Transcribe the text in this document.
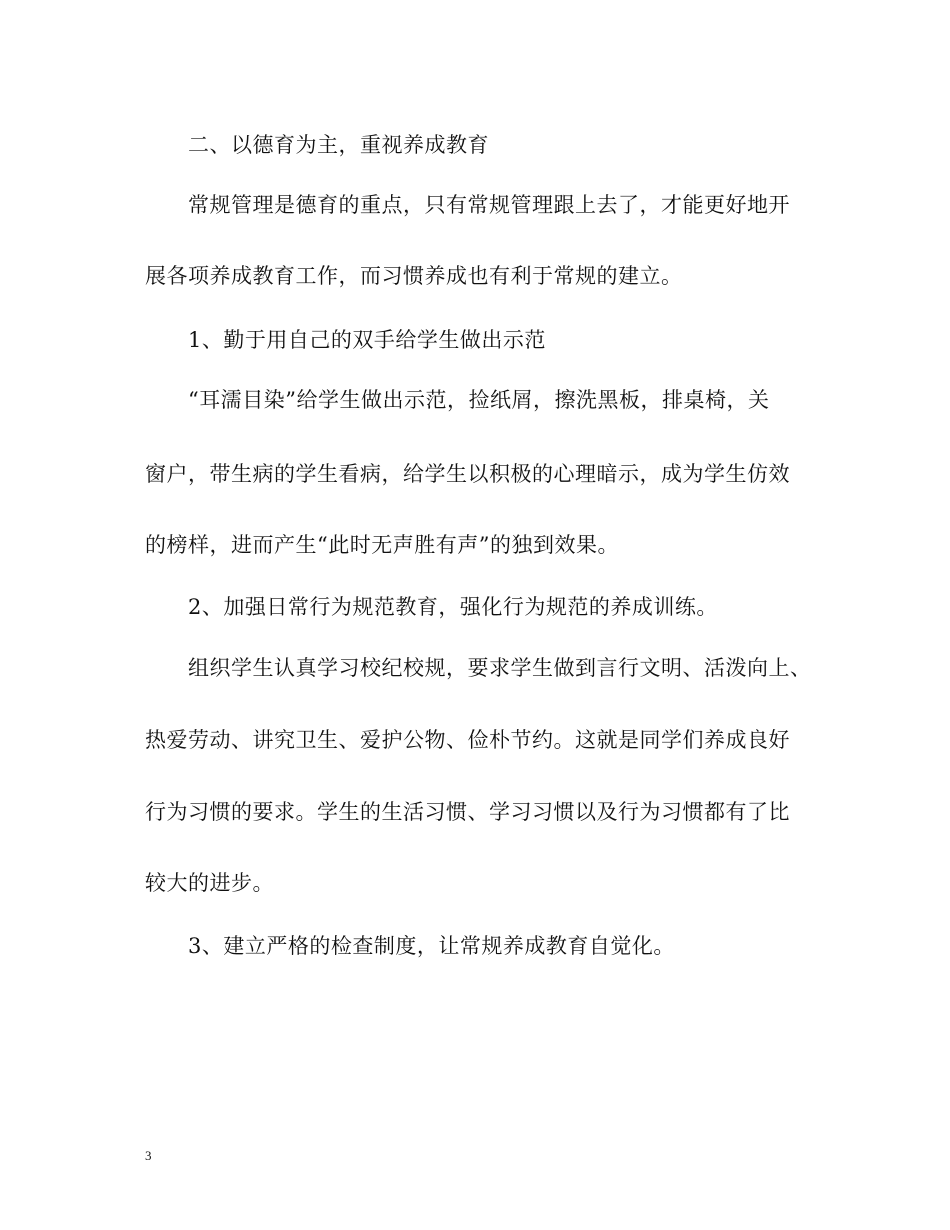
二、以德育为主，重视养成教育
常规管理是德育的重点，只有常规管理跟上去了，才能更好地开
展各项养成教育工作，而习惯养成也有利于常规的建立。
1、勤于用自己的双手给学生做出示范
“耳濡目染”给学生做出示范，捡纸屑，擦洗黑板，排桌椅，关
窗户，带生病的学生看病，给学生以积极的心理暗示，成为学生仿效
的榜样，进而产生“此时无声胜有声”的独到效果。
2、加强日常行为规范教育，强化行为规范的养成训练。
组织学生认真学习校纪校规，要求学生做到言行文明、活泼向上、
热爱劳动、讲究卫生、爱护公物、俭朴节约。这就是同学们养成良好
行为习惯的要求。学生的生活习惯、学习习惯以及行为习惯都有了比
较大的进步。
3、建立严格的检查制度，让常规养成教育自觉化。
3
